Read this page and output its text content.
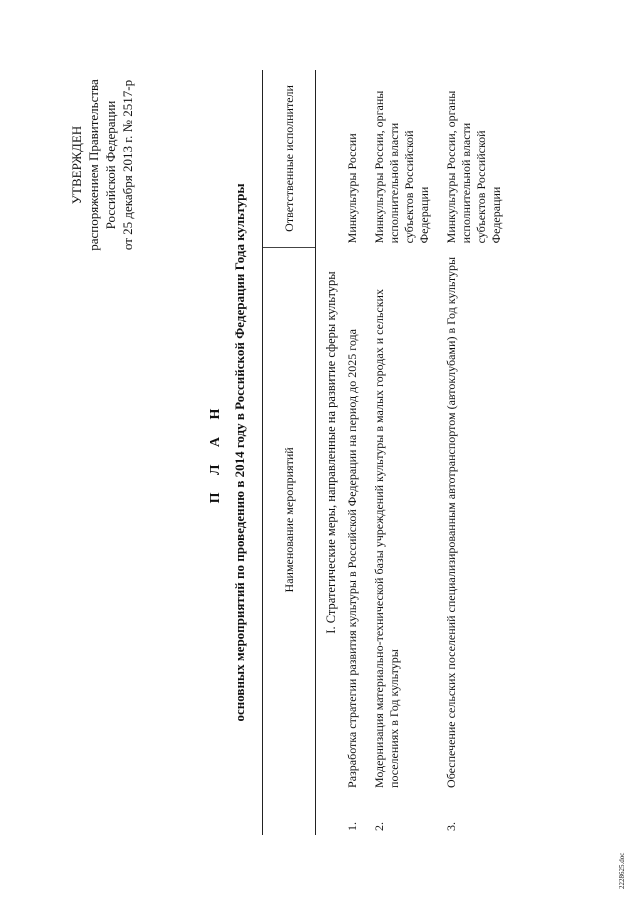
УТВЕРЖДЕН распоряжением Правительства Российской Федерации от 25 декабря 2013 г. № 2517-р
П Л А Н основных мероприятий по проведению в 2014 году в Российской Федерации Года культуры
		Наименование мероприятий	Ответственные исполнители
I. Стратегические меры, направленные на развитие сферы культуры		
1.	Разработка стратегии развития культуры в Российской Федерации на период до 2025 года	Минкультуры России
2.	Модернизация материально-технической базы учреждений культуры в малых городах и сельских поселениях в Год культуры	Минкультуры России, органы исполнительной власти субъектов Российской Федерации
3.	Обеспечение сельских поселений специализированным автотранспортом (автоклубами) в Год культуры	Минкультуры России, органы исполнительной власти субъектов Российской Федерации
2228625.doc
